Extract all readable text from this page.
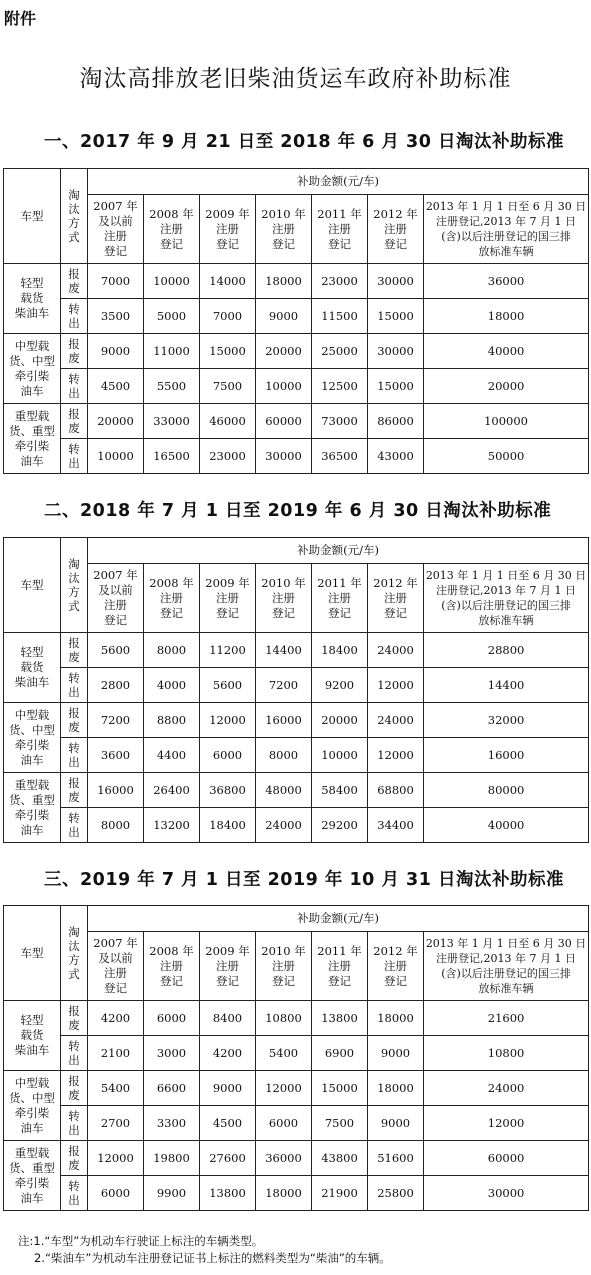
附件
淘汰高排放老旧柴油货运车政府补助标准
一、2017 年 9 月 21 日至 2018 年 6 月 30 日淘汰补助标准
车型	淘
汰
方
式	补助金额(元/车)						
		2007 年
及以前
注册
登记	2008 年
注册
登记	2009 年
注册
登记	2010 年
注册
登记	2011 年
注册
登记	2012 年
注册
登记	2013 年 1 月 1 日至 6 月 30 日
注册登记,2013 年 7 月 1 日
(含)以后注册登记的国三排
放标准车辆
轻型
载货
柴油车	报
废	7000	10000	14000	18000	23000	30000	36000
	转
出	3500	5000	7000	9000	11500	15000	18000
中型载
货、中型
牵引柴
油车	报
废	9000	11000	15000	20000	25000	30000	40000
	转
出	4500	5500	7500	10000	12500	15000	20000
重型载
货、重型
牵引柴
油车	报
废	20000	33000	46000	60000	73000	86000	100000
	转
出	10000	16500	23000	30000	36500	43000	50000
二、2018 年 7 月 1 日至 2019 年 6 月 30 日淘汰补助标准
车型	淘
汰
方
式	补助金额(元/车)						
		2007 年
及以前
注册
登记	2008 年
注册
登记	2009 年
注册
登记	2010 年
注册
登记	2011 年
注册
登记	2012 年
注册
登记	2013 年 1 月 1 日至 6 月 30 日
注册登记,2013 年 7 月 1 日
(含)以后注册登记的国三排
放标准车辆
轻型
载货
柴油车	报
废	5600	8000	11200	14400	18400	24000	28800
	转
出	2800	4000	5600	7200	9200	12000	14400
中型载
货、中型
牵引柴
油车	报
废	7200	8800	12000	16000	20000	24000	32000
	转
出	3600	4400	6000	8000	10000	12000	16000
重型载
货、重型
牵引柴
油车	报
废	16000	26400	36800	48000	58400	68800	80000
	转
出	8000	13200	18400	24000	29200	34400	40000
三、2019 年 7 月 1 日至 2019 年 10 月 31 日淘汰补助标准
车型	淘
汰
方
式	补助金额(元/车)						
		2007 年
及以前
注册
登记	2008 年
注册
登记	2009 年
注册
登记	2010 年
注册
登记	2011 年
注册
登记	2012 年
注册
登记	2013 年 1 月 1 日至 6 月 30 日
注册登记,2013 年 7 月 1 日
(含)以后注册登记的国三排
放标准车辆
轻型
载货
柴油车	报
废	4200	6000	8400	10800	13800	18000	21600
	转
出	2100	3000	4200	5400	6900	9000	10800
中型载
货、中型
牵引柴
油车	报
废	5400	6600	9000	12000	15000	18000	24000
	转
出	2700	3300	4500	6000	7500	9000	12000
重型载
货、重型
牵引柴
油车	报
废	12000	19800	27600	36000	43800	51600	60000
	转
出	6000	9900	13800	18000	21900	25800	30000
注:1.“车型”为机动车行驶证上标注的车辆类型。
2.“柴油车”为机动车注册登记证书上标注的燃料类型为“柴油”的车辆。
